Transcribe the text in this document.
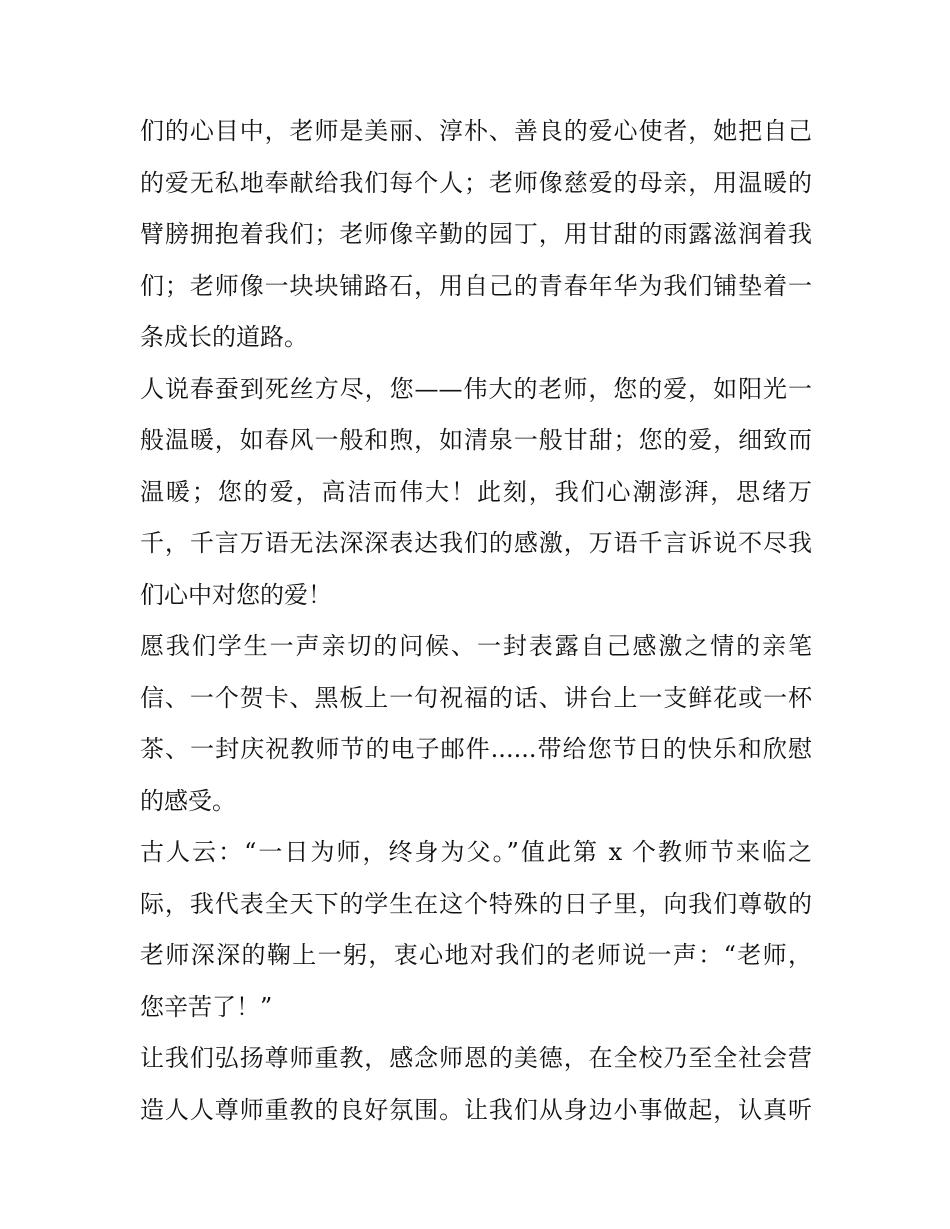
们的心目中，老师是美丽、淳朴、善良的爱心使者，她把自己
的爱无私地奉献给我们每个人；老师像慈爱的母亲，用温暖的
臂膀拥抱着我们；老师像辛勤的园丁，用甘甜的雨露滋润着我
们；老师像一块块铺路石，用自己的青春年华为我们铺垫着一
条成长的道路。
人说春蚕到死丝方尽，您——伟大的老师，您的爱，如阳光一
般温暖，如春风一般和煦，如清泉一般甘甜；您的爱，细致而
温暖；您的爱，高洁而伟大！此刻，我们心潮澎湃，思绪万
千，千言万语无法深深表达我们的感激，万语千言诉说不尽我
们心中对您的爱！
愿我们学生一声亲切的问候、一封表露自己感激之情的亲笔
信、一个贺卡、黑板上一句祝福的话、讲台上一支鲜花或一杯
茶、一封庆祝教师节的电子邮件......带给您节日的快乐和欣慰
的感受。
古人云：“一日为师，终身为父。”值此第 x 个教师节来临之
际，我代表全天下的学生在这个特殊的日子里，向我们尊敬的
老师深深的鞠上一躬，衷心地对我们的老师说一声：“老师，
您辛苦了！”
让我们弘扬尊师重教，感念师恩的美德，在全校乃至全社会营
造人人尊师重教的良好氛围。让我们从身边小事做起，认真听
